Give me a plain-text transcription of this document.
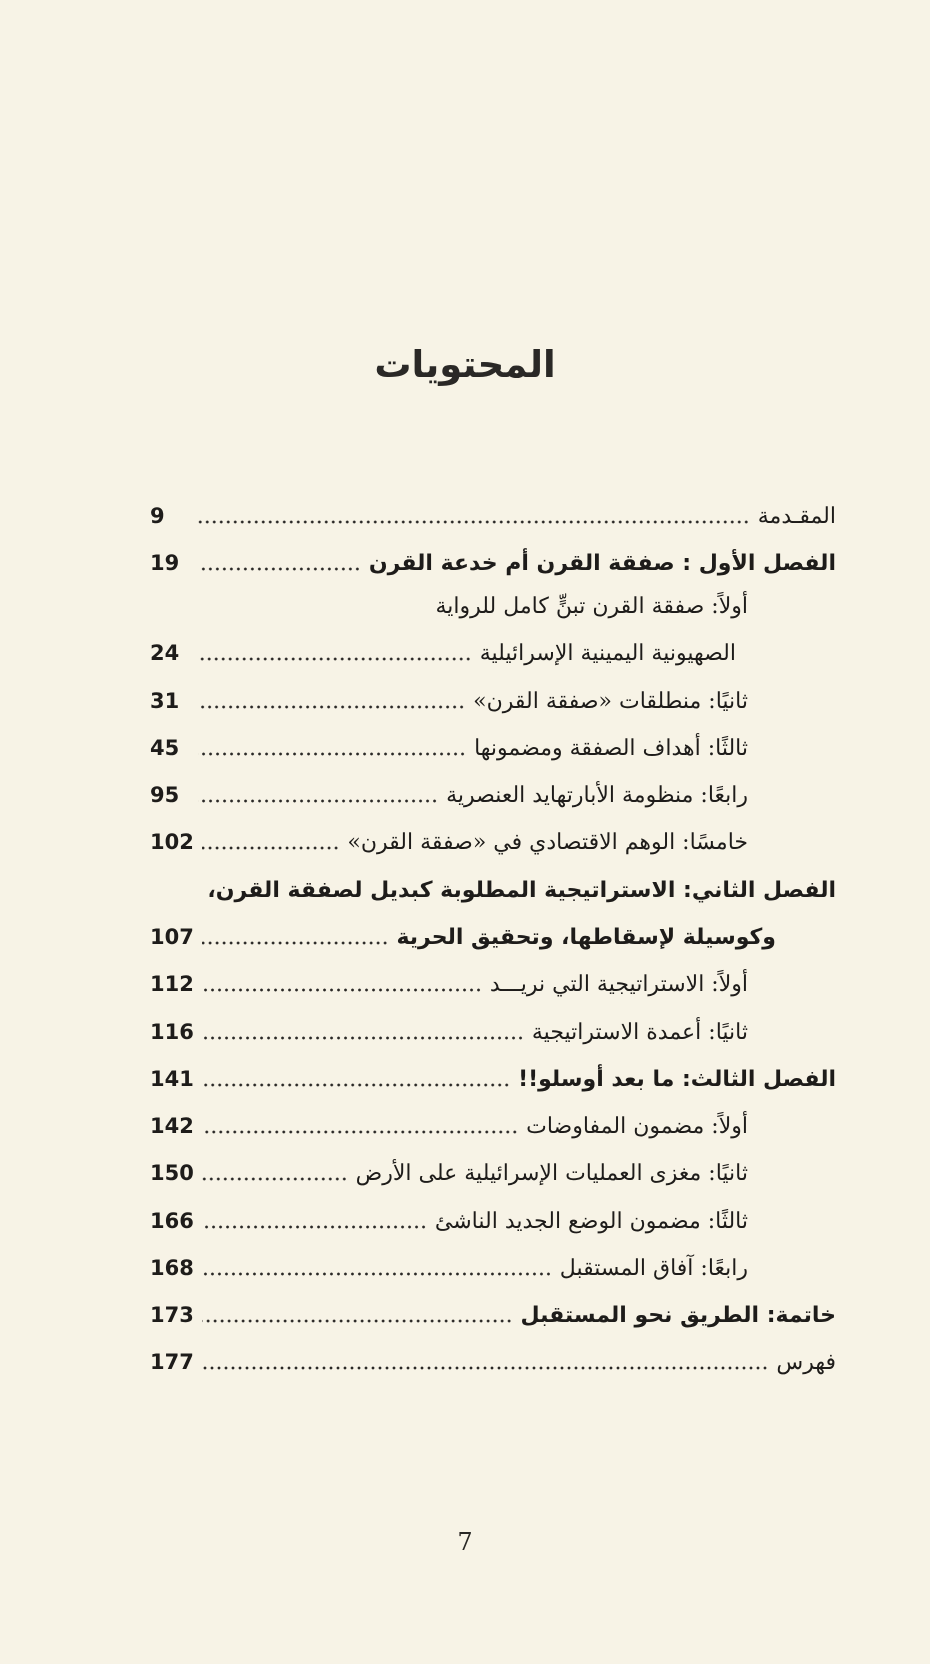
المحتويات
المقـدمة
9
الفصل الأول : صفقة القرن أم خدعة القرن
19
أولاً: صفقة القرن تبنٍّ كامل للرواية
الصهيونية اليمينية الإسرائيلية
24
ثانيًا: منطلقات «صفقة القرن»
31
ثالثًا: أهداف الصفقة ومضمونها
45
رابعًا: منظومة الأبارتهايد العنصرية
95
خامسًا: الوهم الاقتصادي في «صفقة القرن»
102
الفصل الثاني: الاستراتيجية المطلوبة كبديل لصفقة القرن،
وكوسيلة لإسقاطها، وتحقيق الحرية
107
أولاً: الاستراتيجية التي نريـــد
112
ثانيًا: أعمدة الاستراتيجية
116
الفصل الثالث: ما بعد أوسلو!!
141
أولاً: مضمون المفاوضات
142
ثانيًا: مغزى العمليات الإسرائيلية على الأرض
150
ثالثًا: مضمون الوضع الجديد الناشئ
166
رابعًا: آفاق المستقبل
168
خاتمة: الطريق نحو المستقبل
173
فهرس
177
7
